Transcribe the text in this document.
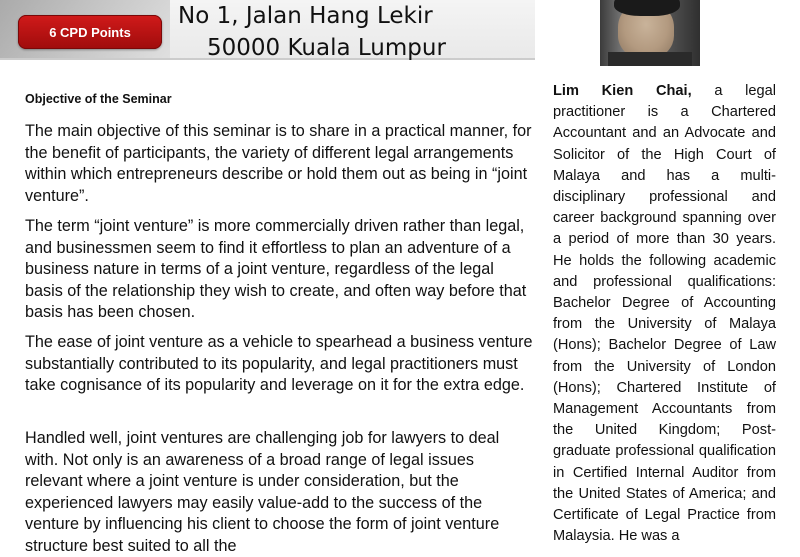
6 CPD Points
No 1, Jalan Hang Lekir
50000 Kuala Lumpur
Objective of the Seminar

The main objective of this seminar is to share in a practical manner, for the benefit of participants, the variety of different legal arrangements within which entrepreneurs describe or hold them out as being in “joint venture”.

The term “joint venture” is more commercially driven rather than legal, and businessmen seem to find it effortless to plan an adventure of a business nature in terms of a joint venture, regardless of the legal basis of the relationship they wish to create, and often way before that basis has been chosen.

The ease of joint venture as a vehicle to spearhead a business venture substantially contributed to its popularity, and legal practitioners must take cognisance of its popularity and leverage on it for the extra edge.

Handled well, joint ventures are challenging job for lawyers to deal with. Not only is an awareness of a broad range of legal issues relevant where a joint venture is under consideration, but the experienced lawyers may easily value-add to the success of the venture by influencing his client to choose the form of joint venture structure best suited to all the

Lim Kien Chai, a legal practitioner is a Chartered Accountant and an Advocate and Solicitor of the High Court of Malaya and has a multi-disciplinary professional and career background spanning over a period of more than 30 years. He holds the following academic and professional qualifications: Bachelor Degree of Accounting from the University of Malaya (Hons); Bachelor Degree of Law from the University of London (Hons); Chartered Institute of Management Accountants from the United Kingdom; Post-graduate professional qualification in Certified Internal Auditor from the United States of America; and Certificate of Legal Practice from Malaysia. He was a
